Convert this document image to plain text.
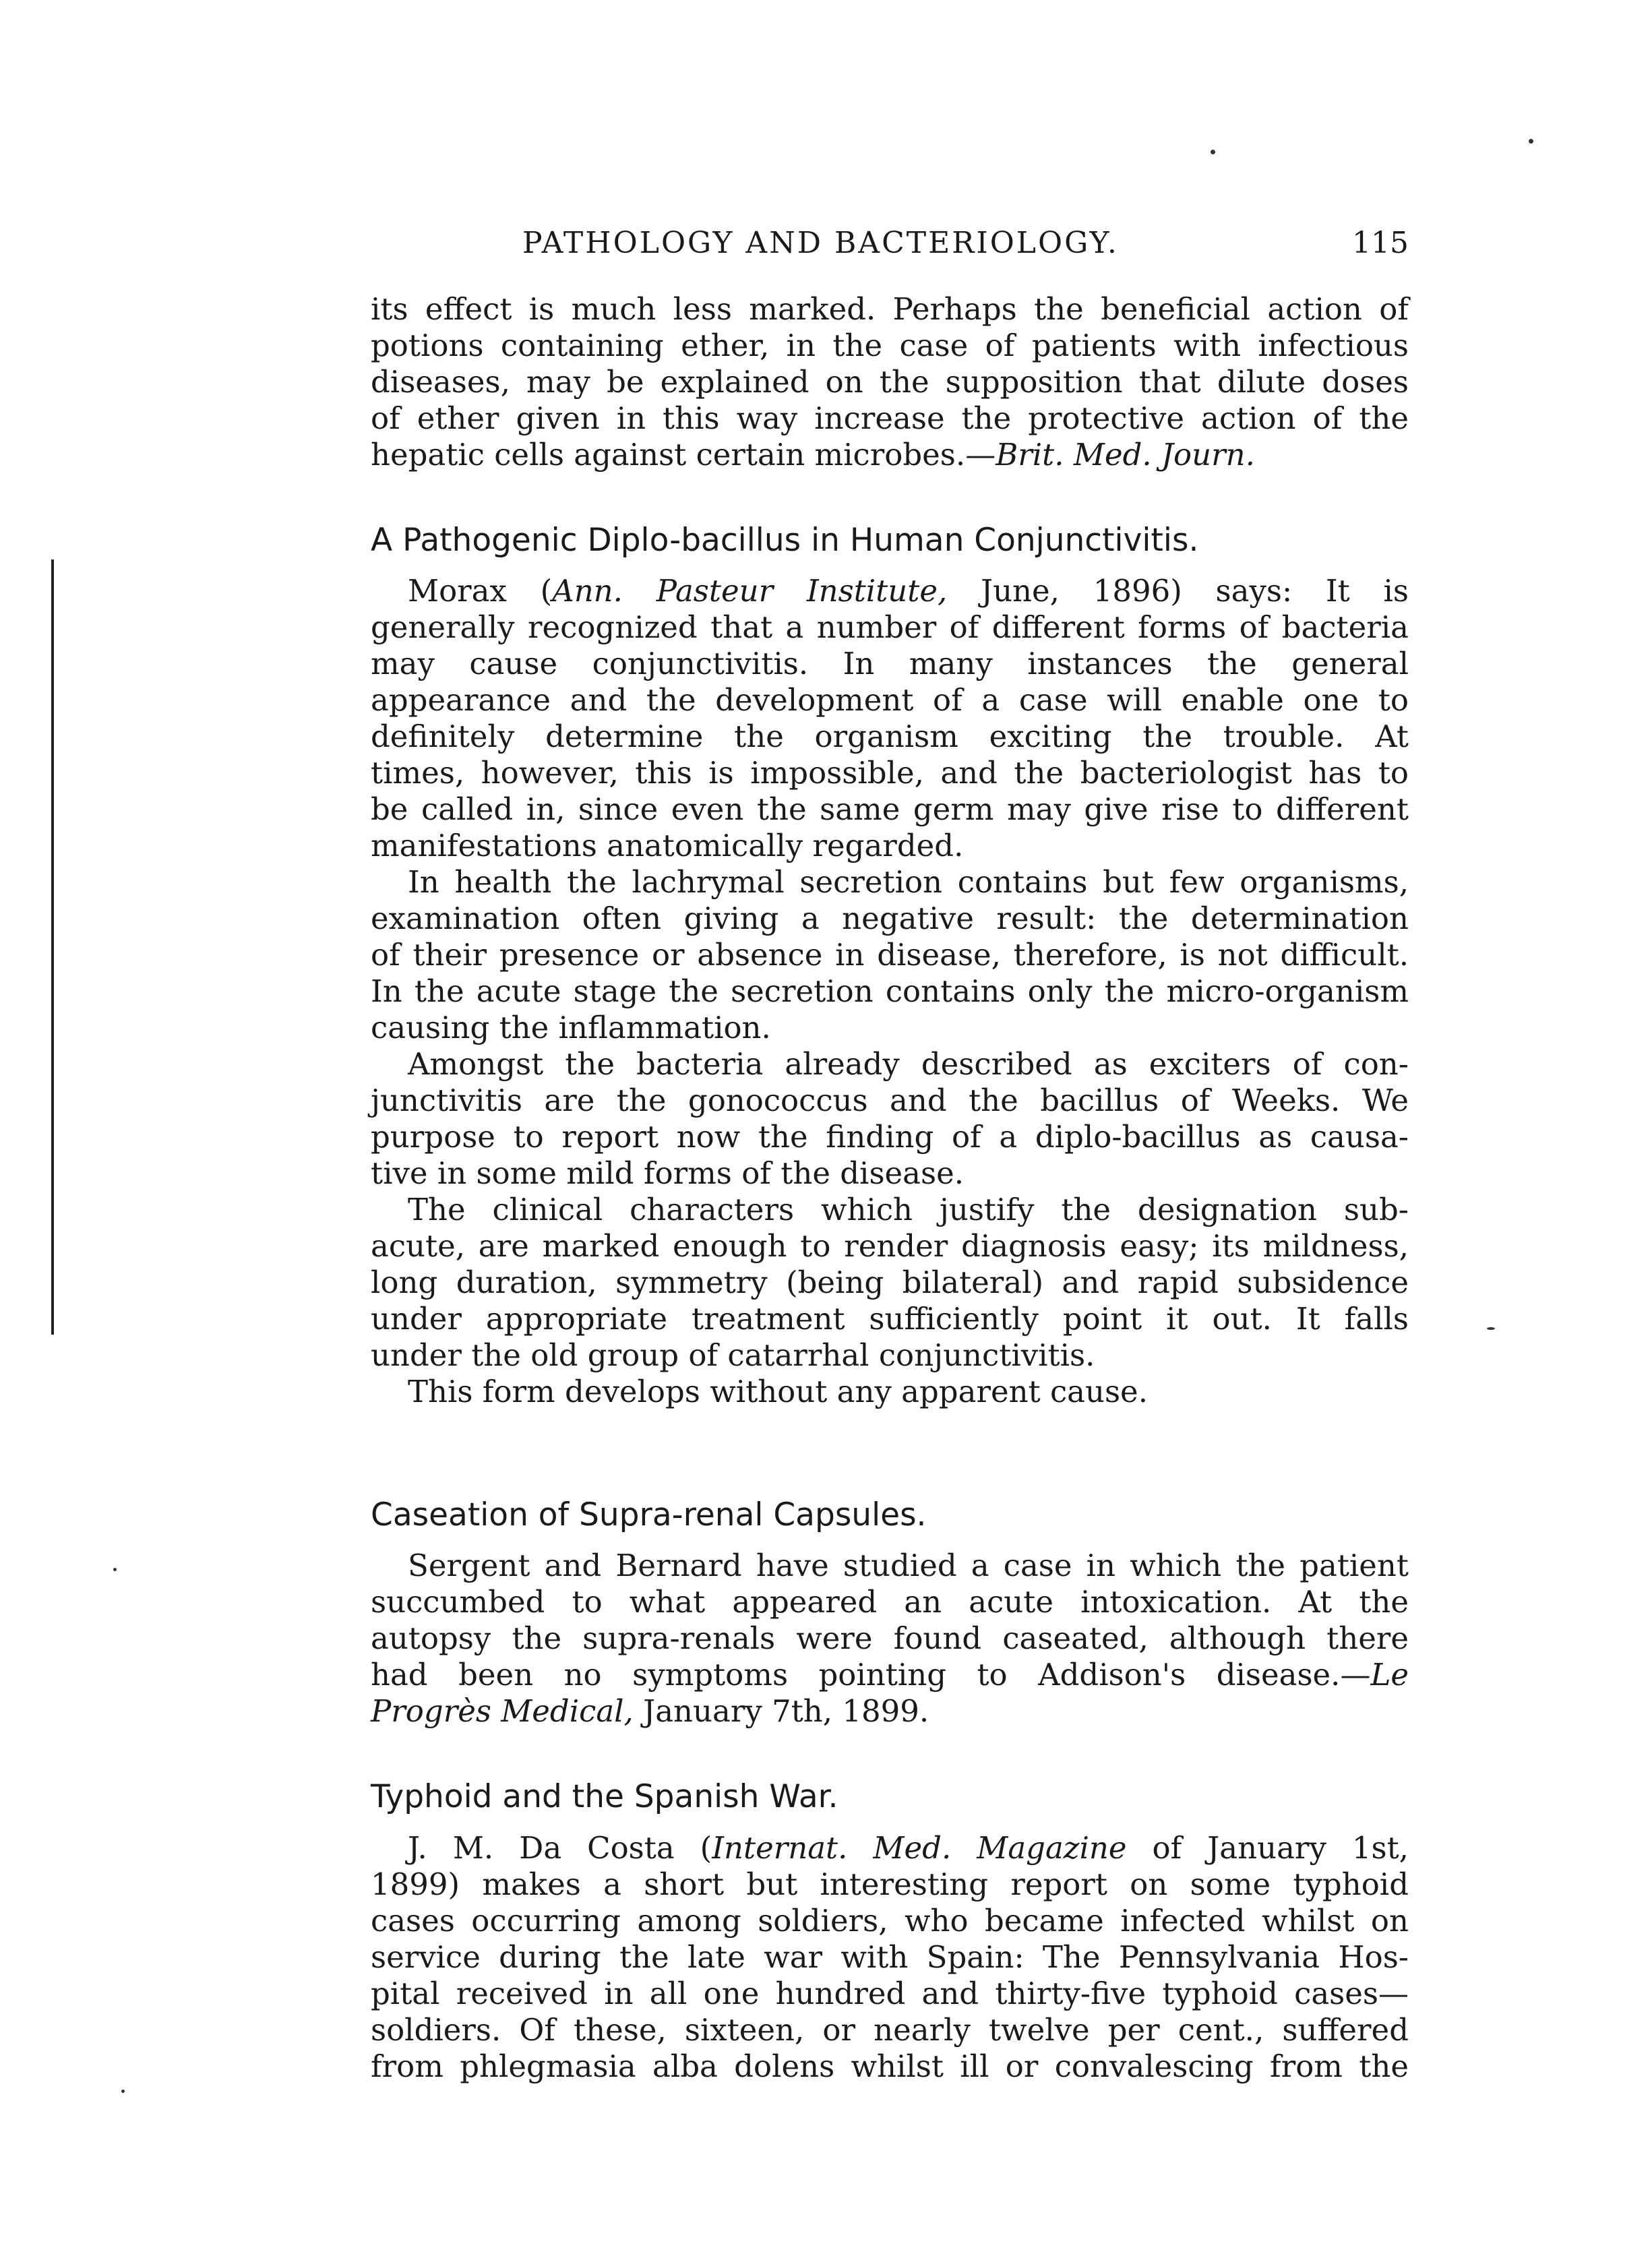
PATHOLOGY AND BACTERIOLOGY.	115
its effect is much less marked. Perhaps the beneficial action of
potions containing ether, in the case of patients with infectious
diseases, may be explained on the supposition that dilute doses
of ether given in this way increase the protective action of the
hepatic cells against certain microbes.—Brit. Med. Journ.
A Pathogenic Diplo-bacillus in Human Conjunctivitis.
Morax (Ann. Pasteur Institute, June, 1896) says: It is
generally recognized that a number of different forms of bacteria
may cause conjunctivitis. In many instances the general
appearance and the development of a case will enable one to
definitely determine the organism exciting the trouble. At
times, however, this is impossible, and the bacteriologist has to
be called in, since even the same germ may give rise to different
manifestations anatomically regarded.
In health the lachrymal secretion contains but few organisms,
examination often giving a negative result: the determination
of their presence or absence in disease, therefore, is not difficult.
In the acute stage the secretion contains only the micro-organism
causing the inflammation.
Amongst the bacteria already described as exciters of con-
junctivitis are the gonococcus and the bacillus of Weeks. We
purpose to report now the finding of a diplo-bacillus as causa-
tive in some mild forms of the disease.
The clinical characters which justify the designation sub-
acute, are marked enough to render diagnosis easy; its mildness,
long duration, symmetry (being bilateral) and rapid subsidence
under appropriate treatment sufficiently point it out. It falls
under the old group of catarrhal conjunctivitis.
This form develops without any apparent cause.
Caseation of Supra-renal Capsules.
Sergent and Bernard have studied a case in which the patient
succumbed to what appeared an acute intoxication. At the
autopsy the supra-renals were found caseated, although there
had been no symptoms pointing to Addison's disease.—Le
Progrès Medical, January 7th, 1899.
Typhoid and the Spanish War.
J. M. Da Costa (Internat. Med. Magazine of January 1st,
1899) makes a short but interesting report on some typhoid
cases occurring among soldiers, who became infected whilst on
service during the late war with Spain: The Pennsylvania Hos-
pital received in all one hundred and thirty-five typhoid cases—
soldiers. Of these, sixteen, or nearly twelve per cent., suffered
from phlegmasia alba dolens whilst ill or convalescing from the
